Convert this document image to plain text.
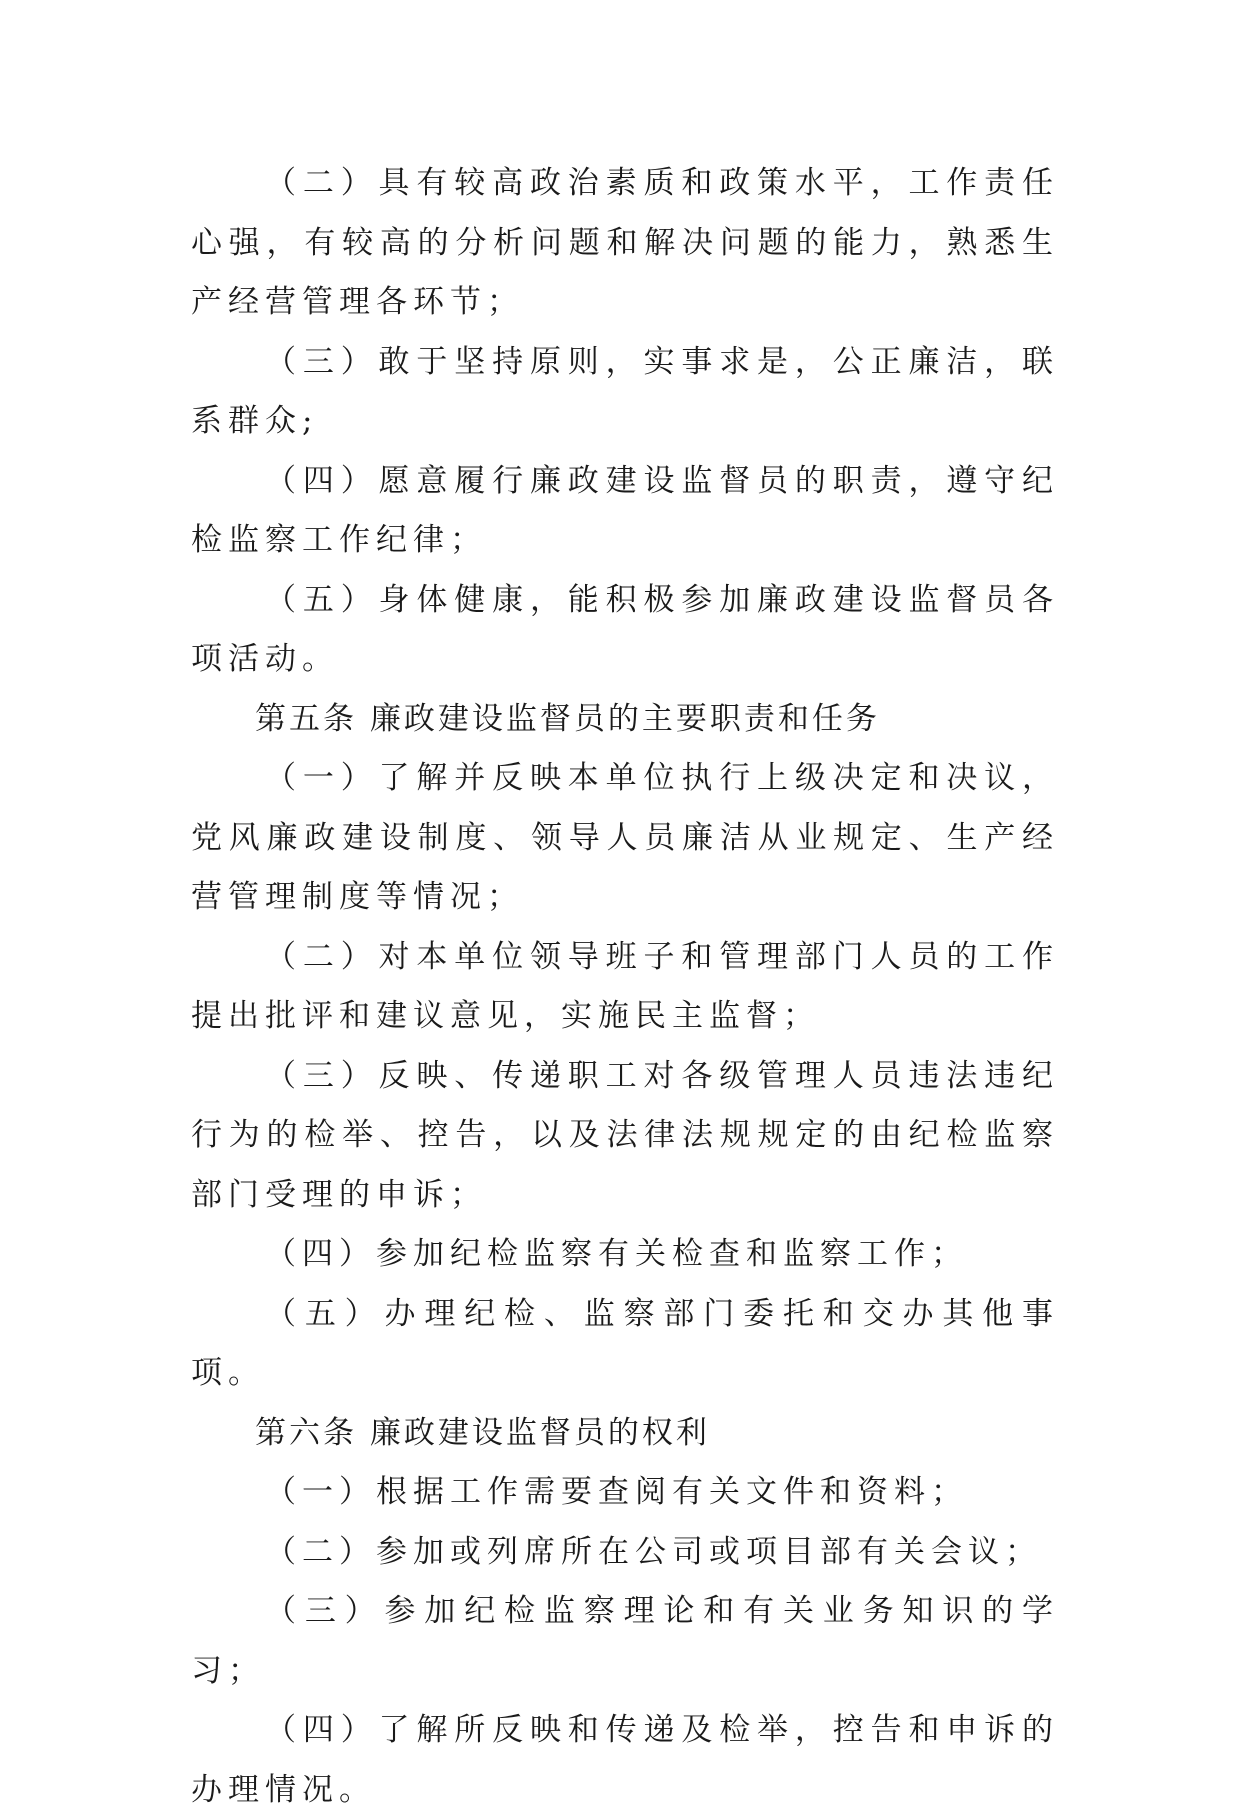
（二）具有较高政治素质和政策水平，工作责任心强，有较高的分析问题和解决问题的能力，熟悉生产经营管理各环节；

（三）敢于坚持原则，实事求是，公正廉洁，联系群众;

（四）愿意履行廉政建设监督员的职责，遵守纪检监察工作纪律；

（五）身体健康，能积极参加廉政建设监督员各项活动。

第五条 廉政建设监督员的主要职责和任务

（一）了解并反映本单位执行上级决定和决议，党风廉政建设制度、领导人员廉洁从业规定、生产经营管理制度等情况；

（二）对本单位领导班子和管理部门人员的工作提出批评和建议意见，实施民主监督；

（三）反映、传递职工对各级管理人员违法违纪行为的检举、控告，以及法律法规规定的由纪检监察部门受理的申诉；

（四）参加纪检监察有关检查和监察工作；

（五）办理纪检、监察部门委托和交办其他事项。

第六条 廉政建设监督员的权利

（一）根据工作需要查阅有关文件和资料；

（二）参加或列席所在公司或项目部有关会议；

（三）参加纪检监察理论和有关业务知识的学习；

（四）了解所反映和传递及检举，控告和申诉的办理情况。
